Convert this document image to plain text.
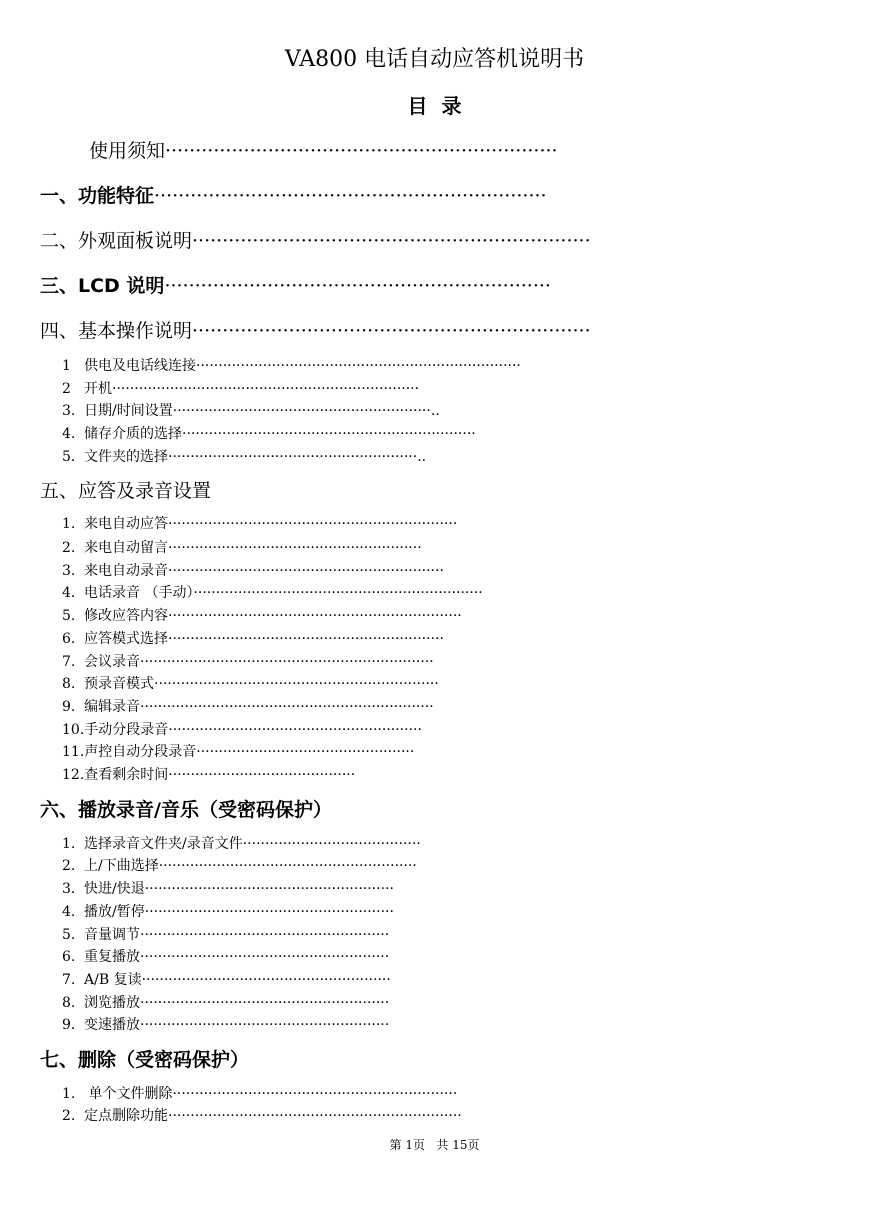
VA800 电话自动应答机说明书
目  录
使用须知·································································
一、功能特征·································································
二、外观面板说明··································································
三、LCD 说明································································
四、基本操作说明··································································
1 供电及电话线连接·········································································
2 开机·····································································
3. 日期/时间设置··························································..
4. 储存介质的选择··································································
5. 文件夹的选择························································..
五、应答及录音设置
1. 来电自动应答·································································
2. 来电自动留言·························································
3. 来电自动录音······························································
4. 电话录音 （手动）·································································
5. 修改应答内容··································································
6. 应答模式选择······························································
7. 会议录音··································································
8. 预录音模式································································
9. 编辑录音··································································
10.手动分段录音·························································
11.声控自动分段录音·················································
12.查看剩余时间··········································
六、播放录音/音乐（受密码保护）
1. 选择录音文件夹/录音文件········································
2. 上/下曲选择··························································
3. 快进/快退························································
4. 播放/暂停························································
5. 音量调节························································
6. 重复播放························································
7. A/B 复读························································
8. 浏览播放························································
9. 变速播放························································
七、删除（受密码保护）
1. 单个文件删除································································
2. 定点删除功能··································································
第 1页   共 15页
